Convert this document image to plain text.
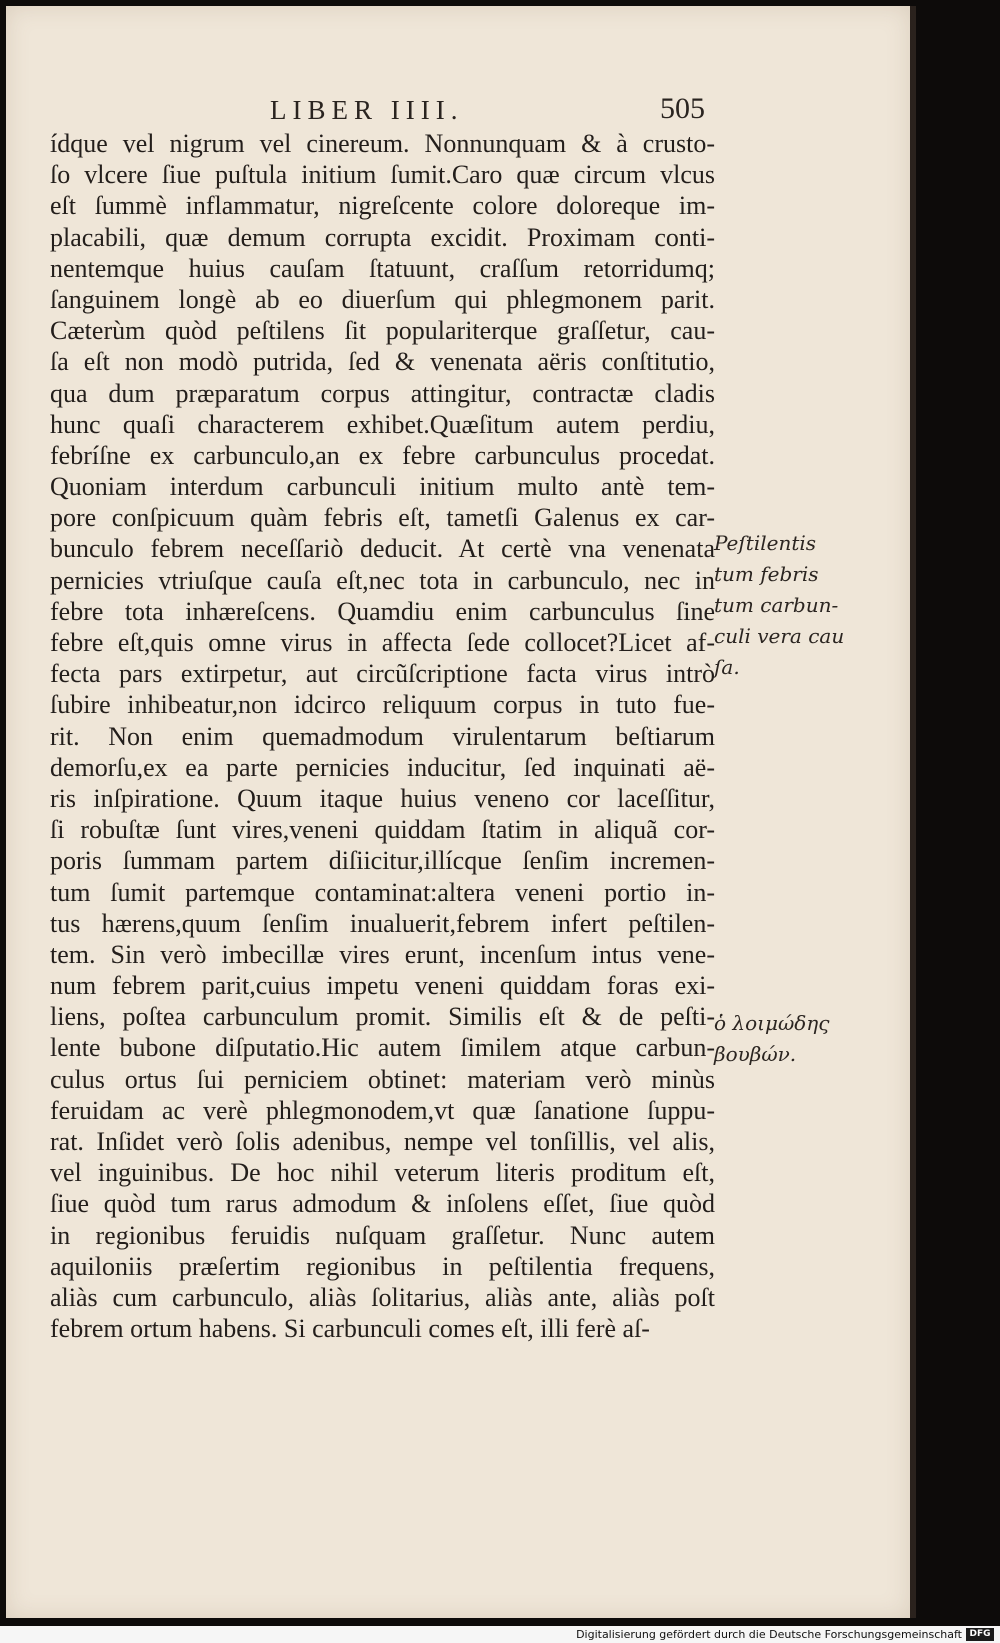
LIBER IIII.	505
ídque vel nigrum vel cinereum. Nonnunquam & à crusto-
ſo vlcere ſiue puſtula initium ſumit.Caro quæ circum vlcus
eſt ſummè inflammatur, nigreſcente colore doloreque im-
placabili, quæ demum corrupta excidit. Proximam conti-
nentemque huius cauſam ſtatuunt, craſſum retorridumq;
ſanguinem longè ab eo diuerſum qui phlegmonem parit.
Cæterùm quòd peſtilens ſit populariterque graſſetur, cau-
ſa eſt non modò putrida, ſed & venenata aëris conſtitutio,
qua dum præparatum corpus attingitur, contractæ cladis
hunc quaſi characterem exhibet.Quæſitum autem perdiu,
febríſne ex carbunculo,an ex febre carbunculus procedat.
Quoniam interdum carbunculi initium multo antè tem-
pore conſpicuum quàm febris eſt, tametſi Galenus ex car-
bunculo febrem neceſſariò deducit. At certè vna venenata
pernicies vtriuſque cauſa eſt,nec tota in carbunculo, nec in
febre tota inhæreſcens. Quamdiu enim carbunculus ſine
febre eſt,quis omne virus in affecta ſede collocet?Licet af-
fecta pars extirpetur, aut circũſcriptione facta virus intrò
ſubire inhibeatur,non idcirco reliquum corpus in tuto fue-
rit. Non enim quemadmodum virulentarum beſtiarum
demorſu,ex ea parte pernicies inducitur, ſed inquinati aë-
ris inſpiratione. Quum itaque huius veneno cor laceſſitur,
ſi robuſtæ ſunt vires,veneni quiddam ſtatim in aliquã cor-
poris ſummam partem diſiicitur,illícque ſenſim incremen-
tum ſumit partemque contaminat:altera veneni portio in-
tus hærens,quum ſenſim inualuerit,febrem infert peſtilen-
tem. Sin verò imbecillæ vires erunt, incenſum intus vene-
num febrem parit,cuius impetu veneni quiddam foras exi-
liens, poſtea carbunculum promit. Similis eſt & de peſti-
lente bubone diſputatio.Hic autem ſimilem atque carbun-
culus ortus ſui perniciem obtinet: materiam verò minùs
feruidam ac verè phlegmonodem,vt quæ ſanatione ſuppu-
rat. Inſidet verò ſolis adenibus, nempe vel tonſillis, vel alis,
vel inguinibus. De hoc nihil veterum literis proditum eſt,
ſiue quòd tum rarus admodum & inſolens eſſet, ſiue quòd
in regionibus feruidis nuſquam graſſetur. Nunc autem
aquiloniis præſertim regionibus in peſtilentia frequens,
aliàs cum carbunculo, aliàs ſolitarius, aliàs ante, aliàs poſt
febrem ortum habens. Si carbunculi comes eſt, illi ferè aſ-
Peſtilentis
tum febris
tum carbun-
culi vera cau
ſa.
ὁ λοιμώδης
βουβών.
Digitalisierung gefördert durch die Deutsche Forschungsgemeinschaft DFG
